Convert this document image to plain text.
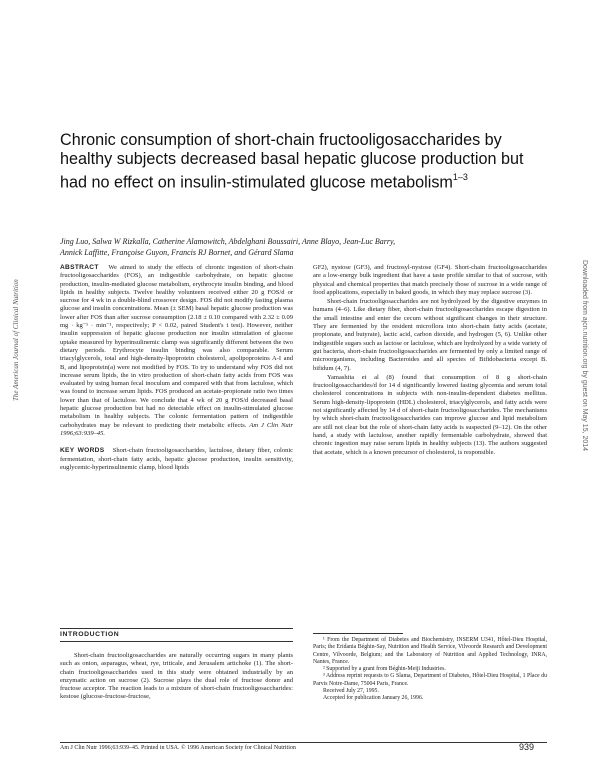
The American Journal of Clinical Nutrition	Downloaded from ajcn.nutrition.org by guest on May 15, 2014
Chronic consumption of short-chain fructooligosaccharides by healthy subjects decreased basal hepatic glucose production but had no effect on insulin-stimulated glucose metabolism$^{1-3}$
Jing Luo, Salwa W Rizkalla, Catherine Alamowitch, Abdelghani Boussairi, Anne Blayo, Jean-Luc Barry,
Annick Laffitte, Françoise Guyon, Francis RJ Bornet, and Gérard Slama

ABSTRACT We aimed to study the effects of chronic ingestion of short-chain fructooligosaccharides (FOS), an indigestible carbohydrate, on hepatic glucose production, insulin-mediated glucose metabolism, erythrocyte insulin binding, and blood lipids in healthy subjects. Twelve healthy volunteers received either 20 g FOS/d or sucrose for 4 wk in a double-blind crossover design. FOS did not modify fasting plasma glucose and insulin concentrations. Mean (± SEM) basal hepatic glucose production was lower after FOS than after sucrose consumption (2.18 ± 0.10 compared with 2.32 ± 0.09 mg · kg⁻¹ · min⁻¹, respectively; P < 0.02, paired Student's t test). However, neither insulin suppression of hepatic glucose production nor insulin stimulation of glucose uptake measured by hyperinsulinemic clamp was significantly different between the two dietary periods. Erythrocyte insulin binding was also comparable. Serum triacylglycerols, total and high-density-lipoprotein cholesterol, apolipoproteins A-I and B, and lipoprotein(a) were not modified by FOS. To try to understand why FOS did not increase serum lipids, the in vitro production of short-chain fatty acids from FOS was evaluated by using human fecal inoculum and compared with that from lactulose, which was found to increase serum lipids. FOS produced an acetate-propionate ratio two times lower than that of lactulose. We conclude that 4 wk of 20 g FOS/d decreased basal hepatic glucose production but had no detectable effect on insulin-stimulated glucose metabolism in healthy subjects. The colonic fermentation pattern of indigestible carbohydrates may be relevant to predicting their metabolic effects. Am J Clin Nutr 1996;63:939–45.

KEY WORDS Short-chain fructooligosaccharides, lactulose, dietary fiber, colonic fermentation, short-chain fatty acids, hepatic glucose production, insulin sensitivity, euglycemic-hyperinsulinemic clamp, blood lipids

INTRODUCTION

Short-chain fructooligosaccharides are naturally occurring sugars in many plants such as onion, asparagus, wheat, rye, triticale, and Jerusalem artichoke (1). The short-chain fructooligosaccharides used in this study were obtained industrially by an enzymatic action on sucrose (2). Sucrose plays the dual role of fructose donor and fructose acceptor. The reaction leads to a mixture of short-chain fructooligosaccharides: kestose (glucose-fructose-fructose,

GF2), nystose (GF3), and fructosyl-nystose (GF4). Short-chain fructooligosaccharides are a low-energy bulk ingredient that have a taste profile similar to that of sucrose, with physical and chemical properties that match precisely those of sucrose in a wide range of food applications, especially in baked goods, in which they may replace sucrose (3).

Short-chain fructooligosaccharides are not hydrolyzed by the digestive enzymes in humans (4–6). Like dietary fiber, short-chain fructooligosaccharides escape digestion in the small intestine and enter the cecum without significant changes in their structure. They are fermented by the resident microflora into short-chain fatty acids (acetate, propionate, and butyrate), lactic acid, carbon dioxide, and hydrogen (5, 6). Unlike other indigestible sugars such as lactose or lactulose, which are hydrolyzed by a wide variety of gut bacteria, short-chain fructooligosaccharides are fermented by only a limited range of microorganisms, including Bacteroides and all species of Bifidobacteria except B. bifidum (4, 7).

Yamashita et al (8) found that consumption of 8 g short-chain fructooligosaccharides/d for 14 d significantly lowered fasting glycemia and serum total cholesterol concentrations in subjects with non-insulin-dependent diabetes mellitus. Serum high-density-lipoprotein (HDL) cholesterol, triacylglycerols, and fatty acids were not significantly affected by 14 d of short-chain fructooligosaccharides. The mechanisms by which short-chain fructooligosaccharides can improve glucose and lipid metabolism are still not clear but the role of short-chain fatty acids is suspected (9–12). On the other hand, a study with lactulose, another rapidly fermentable carbohydrate, showed that chronic ingestion may raise serum lipids in healthy subjects (13). The authors suggested that acetate, which is a known precursor of cholesterol, is responsible.

¹ From the Department of Diabetes and Biochemistry, INSERM U341, Hôtel-Dieu Hospital, Paris; the Eridania Béghin-Say, Nutrition and Health Service, Vilvoorde Research and Development Centre, Vilvoorde, Belgium; and the Laboratory of Nutrition and Applied Technology, INRA, Nantes, France.

² Supported by a grant from Béghin-Meiji Industries.

³ Address reprint requests to G Slama, Department of Diabetes, Hôtel-Dieu Hospital, 1 Place du Parvis Notre-Dame, 75004 Paris, France.

Received July 27, 1995.

Accepted for publication January 26, 1996.

Am J Clin Nutr 1996;63:939–45. Printed in USA. © 1996 American Society for Clinical Nutrition	939
